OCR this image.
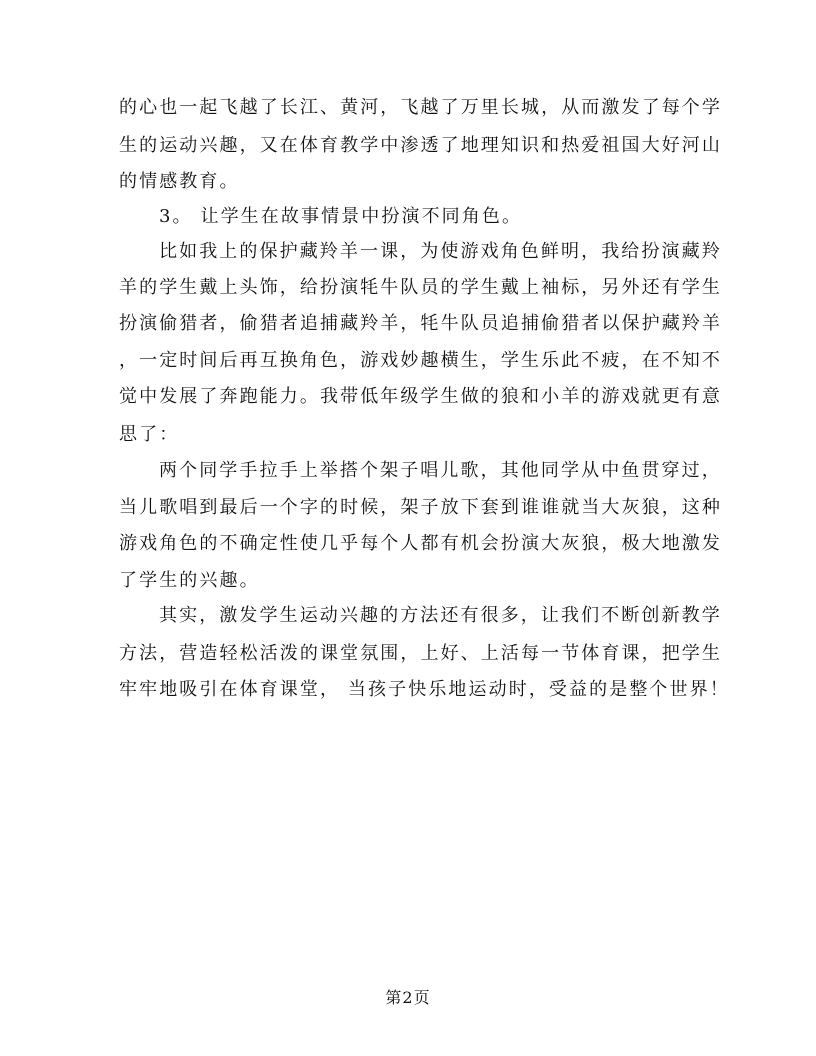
的心也一起飞越了长江、黄河，飞越了万里长城，从而激发了每个学
生的运动兴趣，又在体育教学中渗透了地理知识和热爱祖国大好河山
的情感教育。
3。 让学生在故事情景中扮演不同角色。
比如我上的保护藏羚羊一课，为使游戏角色鲜明，我给扮演藏羚
羊的学生戴上头饰，给扮演牦牛队员的学生戴上袖标，另外还有学生
扮演偷猎者，偷猎者追捕藏羚羊，牦牛队员追捕偷猎者以保护藏羚羊
，一定时间后再互换角色，游戏妙趣横生，学生乐此不疲，在不知不
觉中发展了奔跑能力。我带低年级学生做的狼和小羊的游戏就更有意
思了：
两个同学手拉手上举搭个架子唱儿歌，其他同学从中鱼贯穿过，
当儿歌唱到最后一个字的时候，架子放下套到谁谁就当大灰狼，这种
游戏角色的不确定性使几乎每个人都有机会扮演大灰狼，极大地激发
了学生的兴趣。
其实，激发学生运动兴趣的方法还有很多，让我们不断创新教学
方法，营造轻松活泼的课堂氛围，上好、上活每一节体育课，把学生
牢牢地吸引在体育课堂， 当孩子快乐地运动时，受益的是整个世界！
第2页
